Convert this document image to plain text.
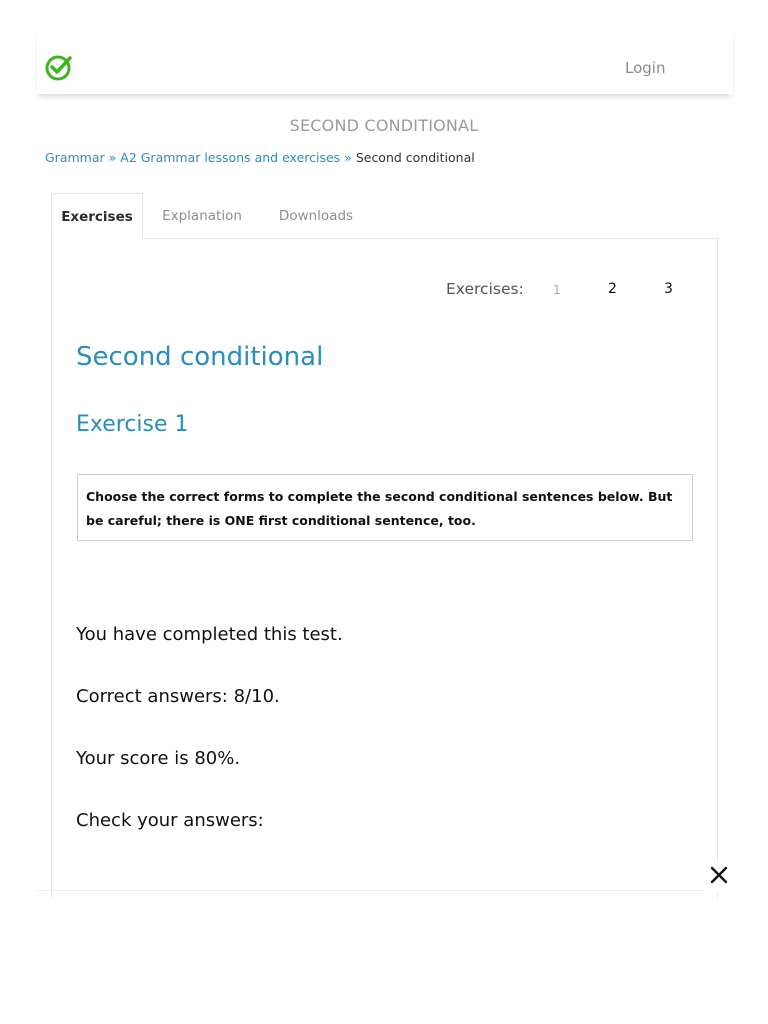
Login
SECOND CONDITIONAL
Grammar » A2 Grammar lessons and exercises » Second conditional
Exercises	Explanation	Downloads
Exercises: 1	2	3
Second conditional
Exercise 1
Choose the correct forms to complete the second conditional sentences below. But be careful; there is ONE first conditional sentence, too.
You have completed this test.
Correct answers: 8/10.
Your score is 80%.
Check your answers:
